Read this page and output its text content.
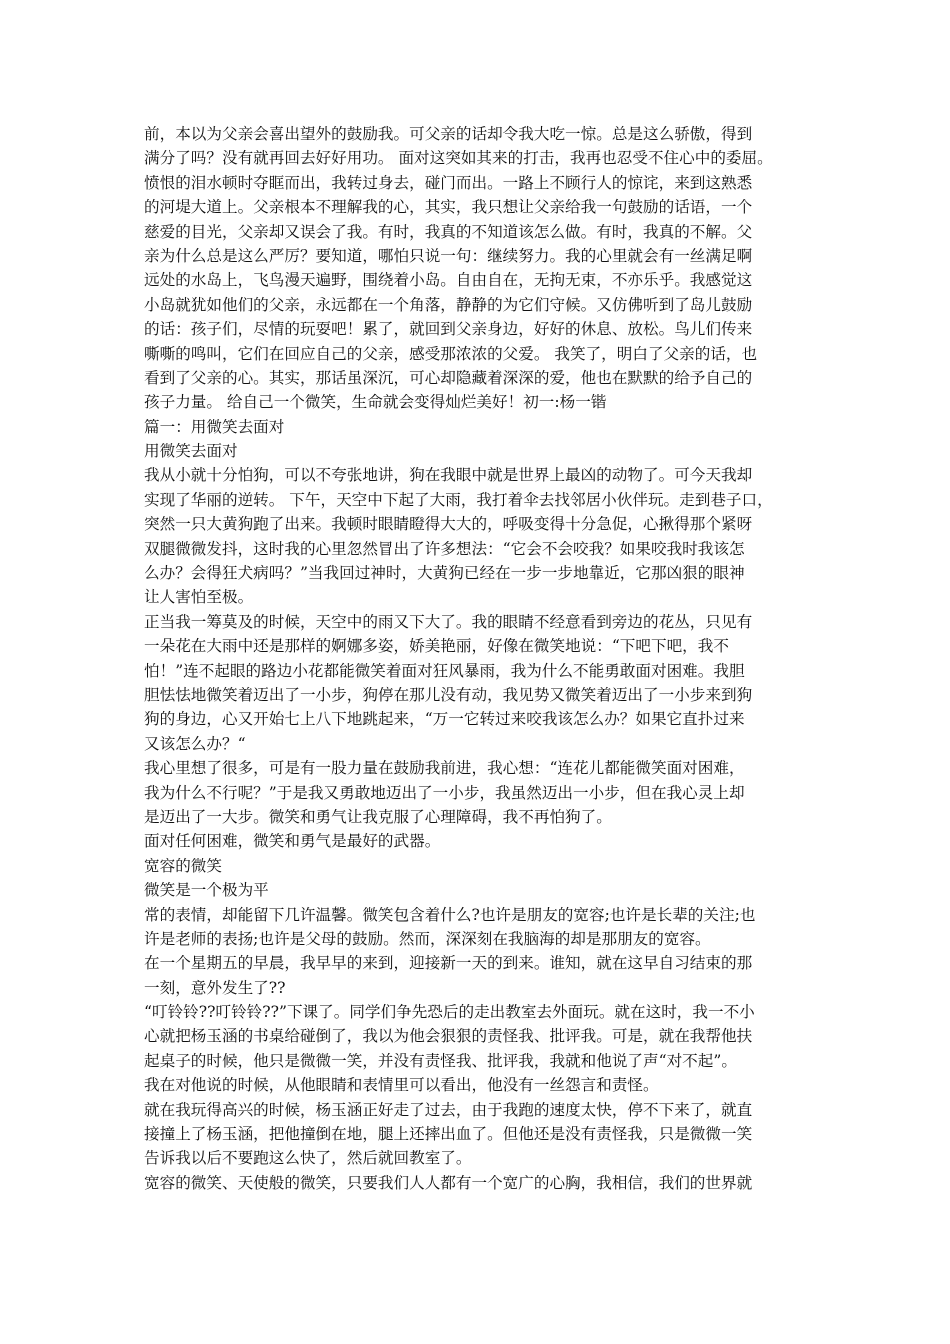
前，本以为父亲会喜出望外的鼓励我。可父亲的话却令我大吃一惊。总是这么骄傲，得到
满分了吗？没有就再回去好好用功。 面对这突如其来的打击，我再也忍受不住心中的委屈。
愤恨的泪水顿时夺眶而出，我转过身去，碰门而出。一路上不顾行人的惊诧，来到这熟悉
的河堤大道上。父亲根本不理解我的心，其实，我只想让父亲给我一句鼓励的话语，一个
慈爱的目光，父亲却又误会了我。有时，我真的不知道该怎么做。有时，我真的不解。父
亲为什么总是这么严厉？要知道，哪怕只说一句：继续努力。我的心里就会有一丝满足啊
远处的水岛上，飞鸟漫天遍野，围绕着小岛。自由自在，无拘无束，不亦乐乎。我感觉这
小岛就犹如他们的父亲，永远都在一个角落，静静的为它们守候。又仿佛听到了岛儿鼓励
的话：孩子们，尽情的玩耍吧！累了，就回到父亲身边，好好的休息、放松。鸟儿们传来
嘶嘶的鸣叫，它们在回应自己的父亲，感受那浓浓的父爱。 我笑了，明白了父亲的话，也
看到了父亲的心。其实，那话虽深沉，可心却隐藏着深深的爱，他也在默默的给予自己的
孩子力量。 给自己一个微笑，生命就会变得灿烂美好！初一:杨一锴
篇一：用微笑去面对
用微笑去面对
我从小就十分怕狗，可以不夸张地讲，狗在我眼中就是世界上最凶的动物了。可今天我却
实现了华丽的逆转。 下午，天空中下起了大雨，我打着伞去找邻居小伙伴玩。走到巷子口，
突然一只大黄狗跑了出来。我顿时眼睛瞪得大大的，呼吸变得十分急促，心揪得那个紧呀
双腿微微发抖，这时我的心里忽然冒出了许多想法：“它会不会咬我？如果咬我时我该怎
么办？会得狂犬病吗？”当我回过神时，大黄狗已经在一步一步地靠近，它那凶狠的眼神
让人害怕至极。
正当我一筹莫及的时候，天空中的雨又下大了。我的眼睛不经意看到旁边的花丛，只见有
一朵花在大雨中还是那样的婀娜多姿，娇美艳丽，好像在微笑地说：“下吧下吧，我不
怕！”连不起眼的路边小花都能微笑着面对狂风暴雨，我为什么不能勇敢面对困难。我胆
胆怯怯地微笑着迈出了一小步，狗停在那儿没有动，我见势又微笑着迈出了一小步来到狗
狗的身边，心又开始七上八下地跳起来，“万一它转过来咬我该怎么办？如果它直扑过来
又该怎么办？“
我心里想了很多，可是有一股力量在鼓励我前进，我心想：“连花儿都能微笑面对困难，
我为什么不行呢？”于是我又勇敢地迈出了一小步，我虽然迈出一小步，但在我心灵上却
是迈出了一大步。微笑和勇气让我克服了心理障碍，我不再怕狗了。
面对任何困难，微笑和勇气是最好的武器。
宽容的微笑
微笑是一个极为平
常的表情，却能留下几许温馨。微笑包含着什么?也许是朋友的宽容;也许是长辈的关注;也
许是老师的表扬;也许是父母的鼓励。然而，深深刻在我脑海的却是那朋友的宽容。
在一个星期五的早晨，我早早的来到，迎接新一天的到来。谁知，就在这早自习结束的那
一刻，意外发生了??
“叮铃铃??叮铃铃??”下课了。同学们争先恐后的走出教室去外面玩。就在这时，我一不小
心就把杨玉涵的书桌给碰倒了，我以为他会狠狠的责怪我、批评我。可是，就在我帮他扶
起桌子的时候，他只是微微一笑，并没有责怪我、批评我，我就和他说了声“对不起”。
我在对他说的时候，从他眼睛和表情里可以看出，他没有一丝怨言和责怪。
就在我玩得高兴的时候，杨玉涵正好走了过去，由于我跑的速度太快，停不下来了，就直
接撞上了杨玉涵，把他撞倒在地，腿上还摔出血了。但他还是没有责怪我，只是微微一笑
告诉我以后不要跑这么快了，然后就回教室了。
宽容的微笑、天使般的微笑，只要我们人人都有一个宽广的心胸，我相信，我们的世界就
